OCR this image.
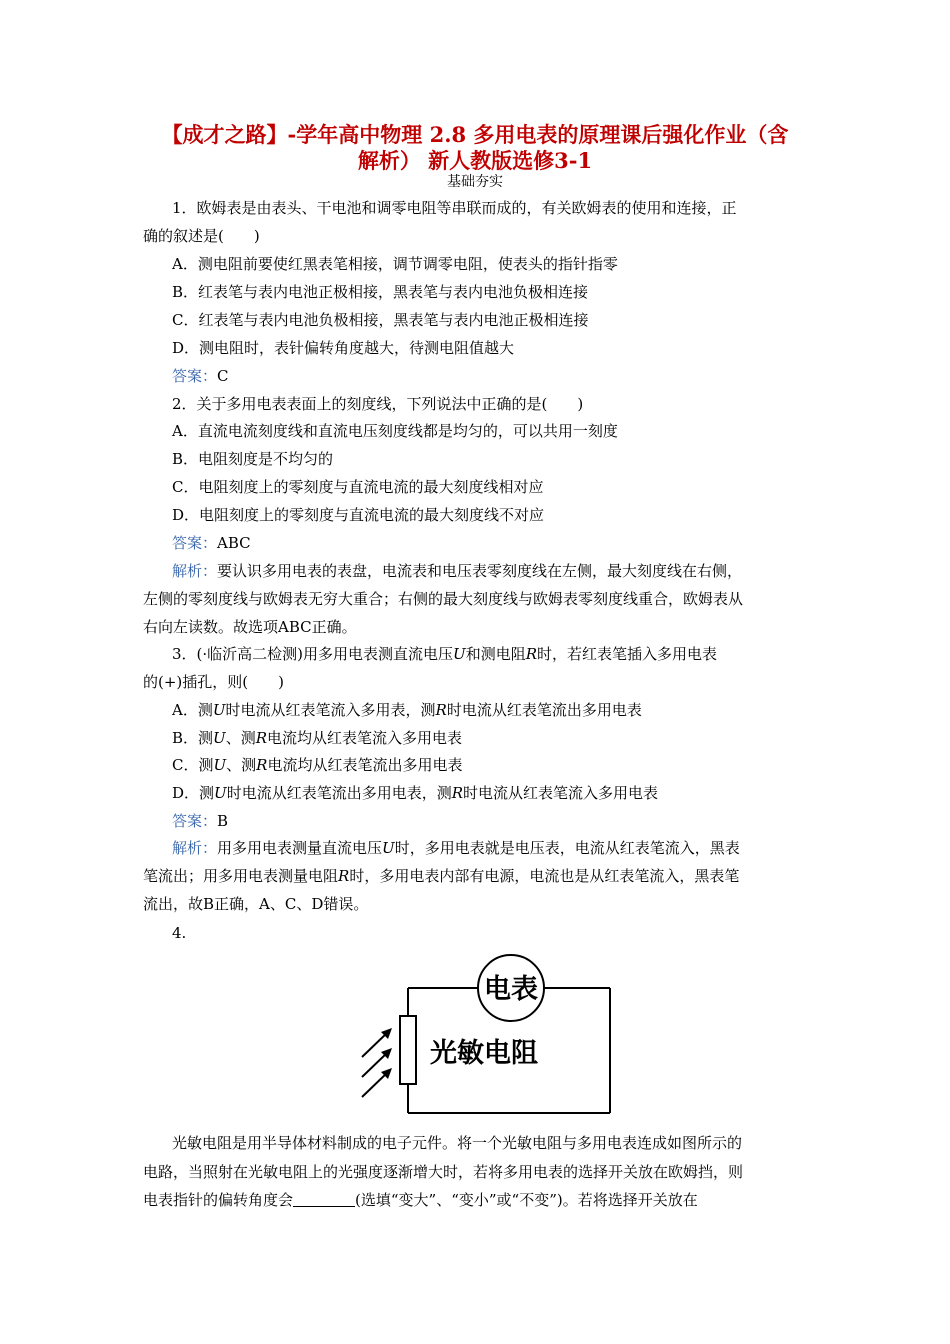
【成才之路】-学年高中物理 2.8 多用电表的原理课后强化作业（含
解析） 新人教版选修3-1
基础夯实
1．欧姆表是由表头、干电池和调零电阻等串联而成的，有关欧姆表的使用和连接，正
确的叙述是(　　)
A．测电阻前要使红黑表笔相接，调节调零电阻，使表头的指针指零
B．红表笔与表内电池正极相接，黑表笔与表内电池负极相连接
C．红表笔与表内电池负极相接，黑表笔与表内电池正极相连接
D．测电阻时，表针偏转角度越大，待测电阻值越大
答案：C
2．关于多用电表表面上的刻度线，下列说法中正确的是(　　)
A．直流电流刻度线和直流电压刻度线都是均匀的，可以共用一刻度
B．电阻刻度是不均匀的
C．电阻刻度上的零刻度与直流电流的最大刻度线相对应
D．电阻刻度上的零刻度与直流电流的最大刻度线不对应
答案：ABC
解析：要认识多用电表的表盘，电流表和电压表零刻度线在左侧，最大刻度线在右侧，
左侧的零刻度线与欧姆表无穷大重合；右侧的最大刻度线与欧姆表零刻度线重合，欧姆表从
右向左读数。故选项ABC正确。
3．(·临沂高二检测)用多用电表测直流电压U和测电阻R时，若红表笔插入多用电表
的(+)插孔，则(　　)
A．测U时电流从红表笔流入多用表，测R时电流从红表笔流出多用电表
B．测U、测R电流均从红表笔流入多用电表
C．测U、测R电流均从红表笔流出多用电表
D．测U时电流从红表笔流出多用电表，测R时电流从红表笔流入多用电表
答案：B
解析：用多用电表测量直流电压U时，多用电表就是电压表，电流从红表笔流入，黑表
笔流出；用多用电表测量电阻R时，多用电表内部有电源，电流也是从红表笔流入，黑表笔
流出，故B正确，A、C、D错误。
4.
电表
光敏电阻
光敏电阻是用半导体材料制成的电子元件。将一个光敏电阻与多用电表连成如图所示的
电路，当照射在光敏电阻上的光强度逐渐增大时，若将多用电表的选择开关放在欧姆挡，则
电表指针的偏转角度会	(选填“变大”、“变小”或“不变”)。若将选择开关放在
